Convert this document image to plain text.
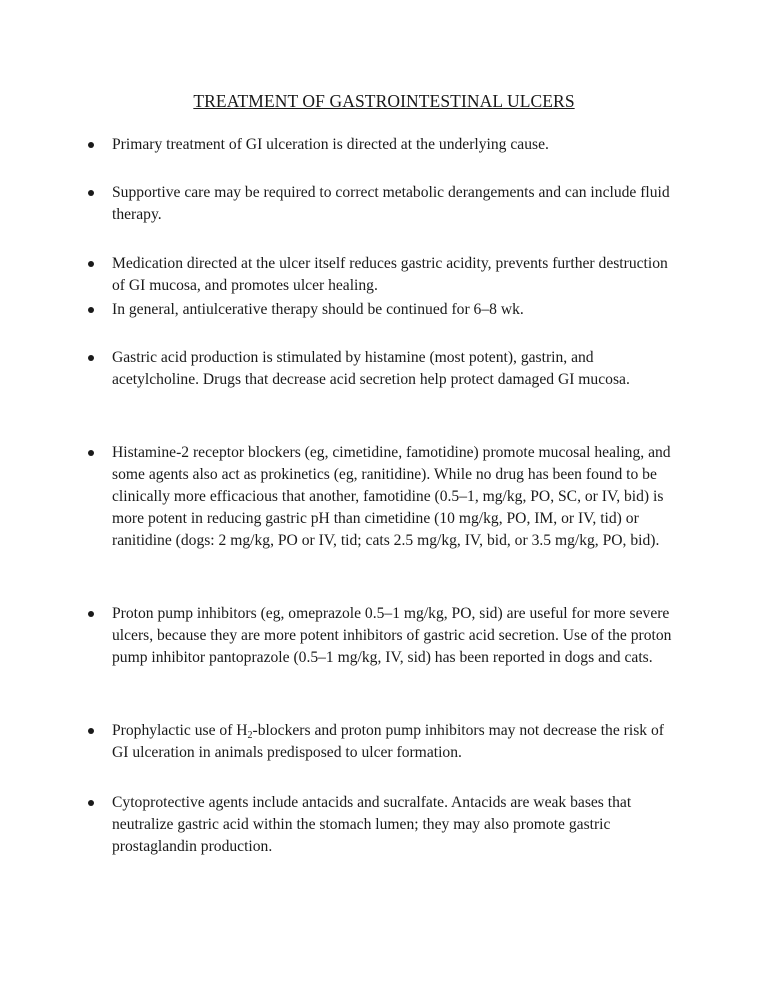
TREATMENT OF GASTROINTESTINAL ULCERS
Primary treatment of GI ulceration is directed at the underlying cause.
Supportive care may be required to correct metabolic derangements and can include fluid therapy.
Medication directed at the ulcer itself reduces gastric acidity, prevents further destruction of GI mucosa, and promotes ulcer healing.
In general, antiulcerative therapy should be continued for 6–8 wk.
Gastric acid production is stimulated by histamine (most potent), gastrin, and acetylcholine. Drugs that decrease acid secretion help protect damaged GI mucosa.
Histamine-2 receptor blockers (eg, cimetidine, famotidine) promote mucosal healing, and some agents also act as prokinetics (eg, ranitidine). While no drug has been found to be clinically more efficacious that another, famotidine (0.5–1, mg/kg, PO, SC, or IV, bid) is more potent in reducing gastric pH than cimetidine (10 mg/kg, PO, IM, or IV, tid) or ranitidine (dogs: 2 mg/kg, PO or IV, tid; cats 2.5 mg/kg, IV, bid, or 3.5 mg/kg, PO, bid).
Proton pump inhibitors (eg, omeprazole 0.5–1 mg/kg, PO, sid) are useful for more severe ulcers, because they are more potent inhibitors of gastric acid secretion. Use of the proton pump inhibitor pantoprazole (0.5–1 mg/kg, IV, sid) has been reported in dogs and cats.
Prophylactic use of $H_2$-blockers and proton pump inhibitors may not decrease the risk of GI ulceration in animals predisposed to ulcer formation.
Cytoprotective agents include antacids and sucralfate. Antacids are weak bases that neutralize gastric acid within the stomach lumen; they may also promote gastric prostaglandin production.
